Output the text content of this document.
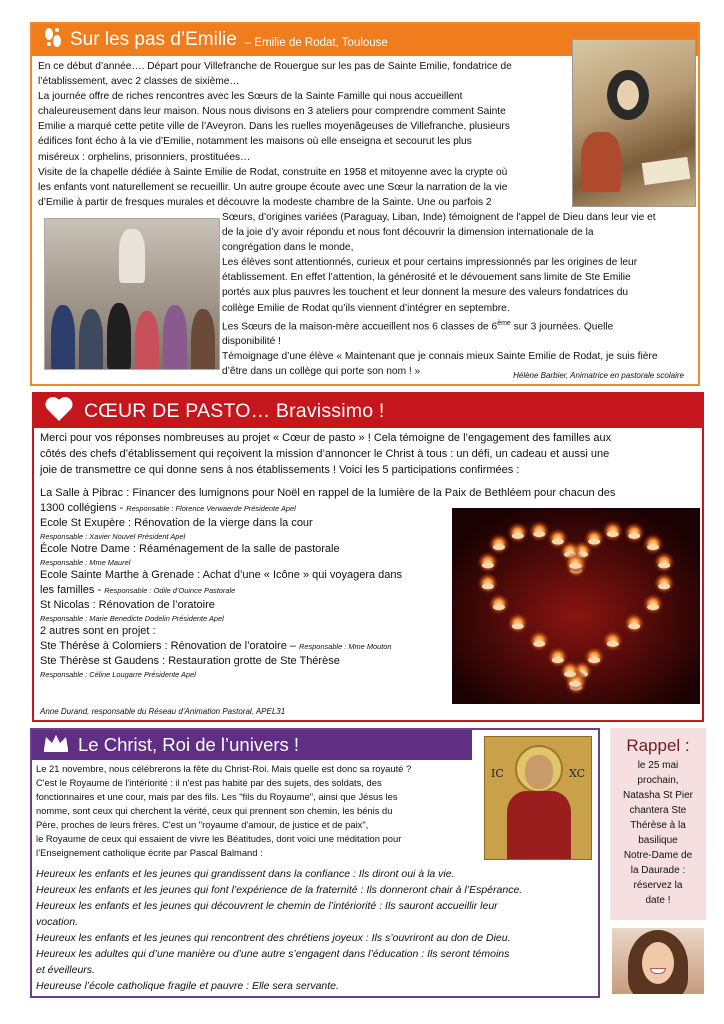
Sur les pas d’Emilie – Emilie de Rodat, Toulouse
En ce début d’année…. Départ pour Villefranche de Rouergue sur les pas de Sainte Emilie, fondatrice de
l’établissement, avec 2 classes de sixième…
La journée offre de riches rencontres avec les Sœurs de la Sainte Famille qui nous accueillent
chaleureusement dans leur maison. Nous nous divisons en 3 ateliers pour comprendre comment Sainte
Emilie a marqué cette petite ville de l’Aveyron. Dans les ruelles moyenâgeuses de Villefranche, plusieurs
édifices font écho à la vie d’Emilie, notamment les maisons où elle enseigna et secourut les plus
miséreux : orphelins, prisonniers, prostituées…
Visite de la chapelle dédiée à Sainte Emilie de Rodat, construite en 1958 et mitoyenne avec la crypte où
les enfants vont naturellement se recueillir. Un autre groupe écoute avec une Sœur la narration de la vie
d’Emilie à partir de fresques murales et découvre la modeste chambre de la Sainte. Une ou parfois 2
Sœurs, d’origines variées (Paraguay, Liban, Inde) témoignent de l’appel de Dieu dans leur vie et
de la joie d’y avoir répondu et nous font découvrir la dimension internationale de la
congrégation dans le monde,
Les élèves sont attentionnés, curieux et pour certains impressionnés par les origines de leur
établissement. En effet l’attention, la générosité et le dévouement sans limite de Ste Emilie
portés aux plus pauvres les touchent et leur donnent la mesure des valeurs fondatrices du
collège Emilie de Rodat qu’ils viennent d’intégrer en septembre.
Les Sœurs de la maison-mère accueillent nos 6 classes de 6ème sur 3 journées. Quelle
disponibilité !
Témoignage d’une élève « Maintenant que je connais mieux Sainte Emilie de Rodat, je suis fière
d’être dans un collège qui porte son nom ! »	Hélène Barbier, Animatrice en pastorale scolaire
CŒUR DE PASTO… Bravissimo !
Merci pour vos réponses nombreuses au projet « Cœur de pasto » ! Cela témoigne de l’engagement des familles aux
côtés des chefs d’établissement qui reçoivent la mission d’annoncer le Christ à tous : un défi, un cadeau et aussi une
joie de transmettre ce qui donne sens à nos établissements ! Voici les 5 participations confirmées :
La Salle à Pibrac : Financer des lumignons pour Noël en rappel de la lumière de la Paix de Bethléem pour chacun des
1300 collégiens - Responsable : Florence Verwaerde Présidente Apel
Ecole St Exupère : Rénovation de la vierge dans la cour
Responsable : Xavier Nouvel Président Apel
École Notre Dame : Réaménagement de la salle de pastorale
Responsable : Mme Maurel
Ecole Sainte Marthe à Grenade : Achat d’une « Icône » qui voyagera dans
les familles - Responsable : Odile d’Ouince Pastorale
St Nicolas : Rénovation de l’oratoire
Responsable : Marie Benedicte Dodelin Présidente Apel
2 autres sont en projet :
Ste Thérèse à Colomiers : Rénovation de l’oratoire – Responsable : Mme Mouton
Ste Thérèse st Gaudens : Restauration grotte de Ste Thérèse
Responsable : Céline Lougarre Présidente Apel
Anne Durand, responsable du Réseau d’Animation Pastoral, APEL31
Le Christ, Roi de l’univers !
Le 21 novembre, nous célébrerons la fête du Christ-Roi. Mais quelle est donc sa royauté ?
C'est le Royaume de l'intériorité : il n'est pas habité par des sujets, des soldats, des
fonctionnaires et une cour, mais par des fils. Les "fils du Royaume", ainsi que Jésus les
nomme, sont ceux qui cherchent la vérité, ceux qui prennent son chemin, les bénis du
Père, proches de leurs frères. C'est un "royaume d'amour, de justice et de paix",
le Royaume de ceux qui essaient de vivre les Béatitudes, dont voici une méditation pour
l’Enseignement catholique écrite par Pascal Balmand :
IC	XC
Heureux les enfants et les jeunes qui grandissent dans la confiance : Ils diront oui à la vie.
Heureux les enfants et les jeunes qui font l’expérience de la fraternité : Ils donneront chair à l’Espérance.
Heureux les enfants et les jeunes qui découvrent le chemin de l’intériorité : Ils sauront accueillir leur
vocation.
Heureux les enfants et les jeunes qui rencontrent des chrétiens joyeux : Ils s’ouvriront au don de Dieu.
Heureux les adultes qui d’une manière ou d’une autre s’engagent dans l’éducation : Ils seront témoins
et éveilleurs.
Heureuse l’école catholique fragile et pauvre : Elle sera servante.
Rappel :
le 25 mai
prochain,
Natasha St Pier
chantera Ste
Thérèse à la
basilique
Notre-Dame de
la Daurade :
réservez la
date !
